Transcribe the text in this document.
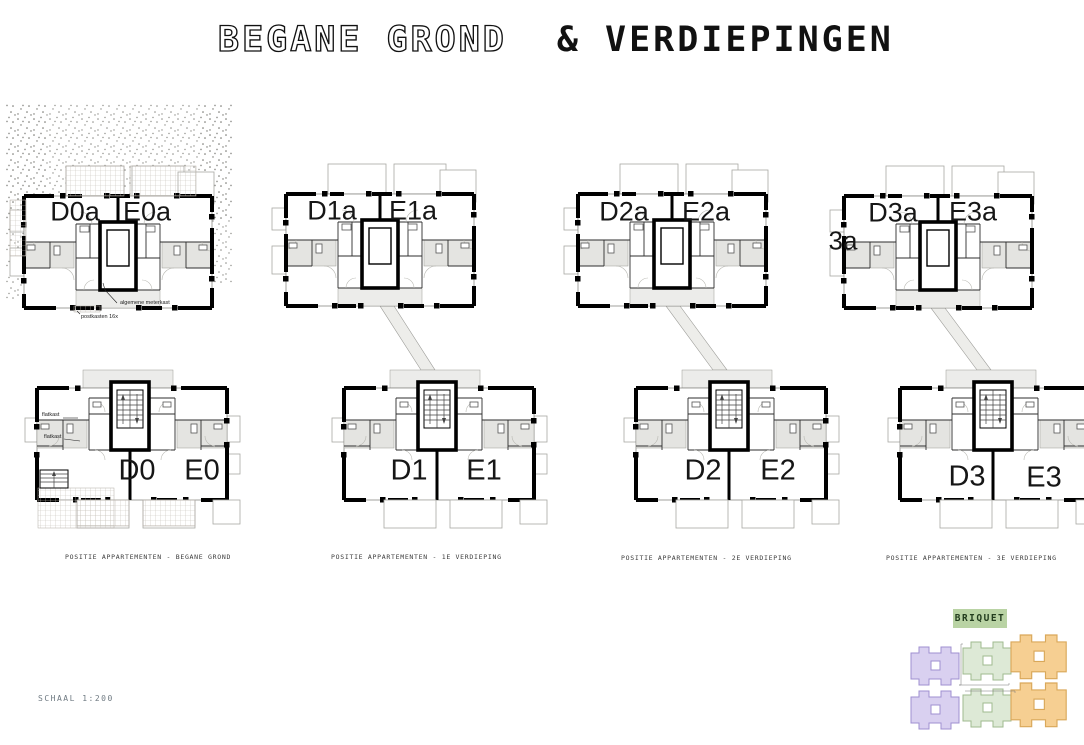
BEGANE GROND & VERDIEPINGEN
D0a E0a
D0 E0
algemene meterkast
postkasten 16x
flatkast
flatkast
POSITIE APPARTEMENTEN - BEGANE GROND
D1a E1a
D1 E1
POSITIE APPARTEMENTEN - 1E VERDIEPING
D2a E2a
D2 E2
POSITIE APPARTEMENTEN - 2E VERDIEPING
D3a E3a
3a
D3 E3
POSITIE APPARTEMENTEN - 3E VERDIEPING
SCHAAL 1:200
BRIQUET
